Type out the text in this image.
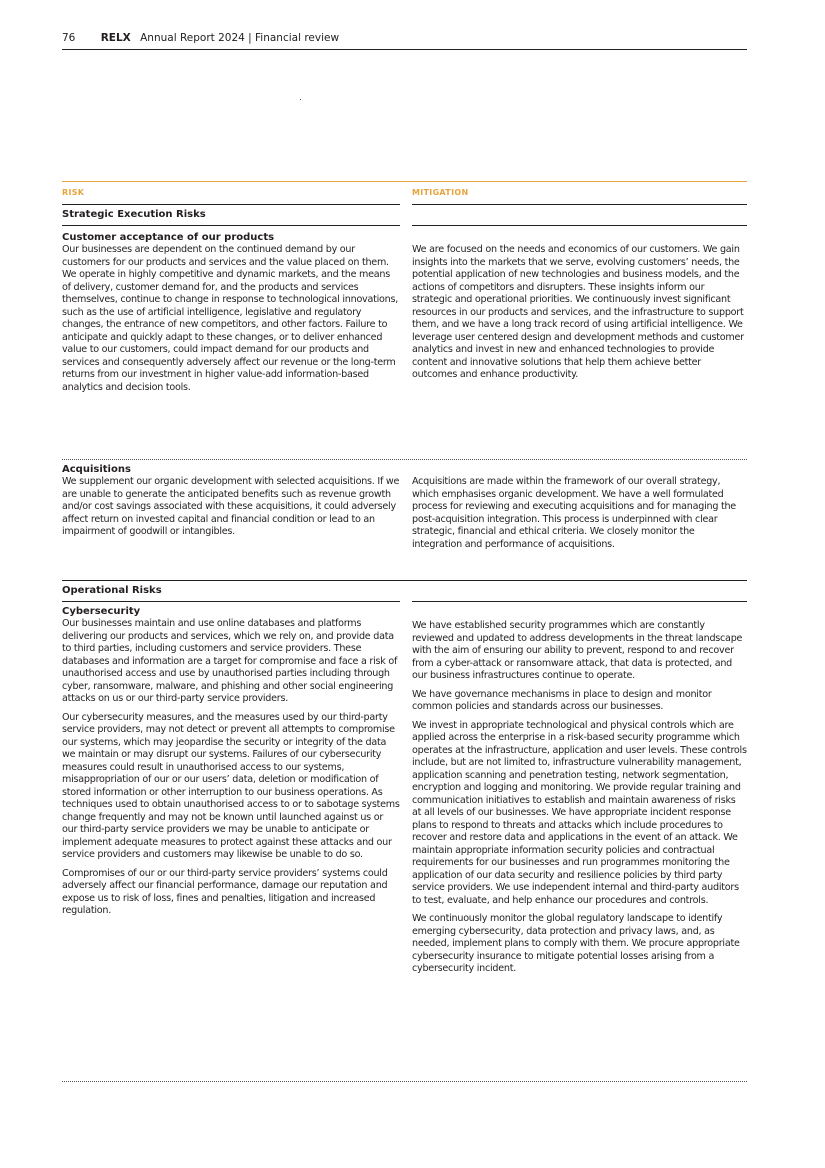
76 RELX Annual Report 2024 | Financial review
RISK	MITIGATION
Strategic Execution Risks
Customer acceptance of our products

Our businesses are dependent on the continued demand by our customers for our products and services and the value placed on them. We operate in highly competitive and dynamic markets, and the means of delivery, customer demand for, and the products and services themselves, continue to change in response to technological innovations, such as the use of artificial intelligence, legislative and regulatory changes, the entrance of new competitors, and other factors. Failure to anticipate and quickly adapt to these changes, or to deliver enhanced value to our customers, could impact demand for our products and services and consequently adversely affect our revenue or the long-term returns from our investment in higher value-add information-based analytics and decision tools.

We are focused on the needs and economics of our customers. We gain insights into the markets that we serve, evolving customers’ needs, the potential application of new technologies and business models, and the actions of competitors and disrupters. These insights inform our strategic and operational priorities. We continuously invest significant resources in our products and services, and the infrastructure to support them, and we have a long track record of using artificial intelligence. We leverage user centered design and development methods and customer analytics and invest in new and enhanced technologies to provide content and innovative solutions that help them achieve better outcomes and enhance productivity.

Acquisitions

We supplement our organic development with selected acquisitions. If we are unable to generate the anticipated benefits such as revenue growth and/or cost savings associated with these acquisitions, it could adversely affect return on invested capital and financial condition or lead to an impairment of goodwill or intangibles.

Acquisitions are made within the framework of our overall strategy, which emphasises organic development. We have a well formulated process for reviewing and executing acquisitions and for managing the post-acquisition integration. This process is underpinned with clear strategic, financial and ethical criteria. We closely monitor the integration and performance of acquisitions.

Operational Risks
Cybersecurity

Our businesses maintain and use online databases and platforms delivering our products and services, which we rely on, and provide data to third parties, including customers and service providers. These databases and information are a target for compromise and face a risk of unauthorised access and use by unauthorised parties including through cyber, ransomware, malware, and phishing and other social engineering attacks on us or our third-party service providers.

Our cybersecurity measures, and the measures used by our third-party service providers, may not detect or prevent all attempts to compromise our systems, which may jeopardise the security or integrity of the data we maintain or may disrupt our systems. Failures of our cybersecurity measures could result in unauthorised access to our systems, misappropriation of our or our users’ data, deletion or modification of stored information or other interruption to our business operations. As techniques used to obtain unauthorised access to or to sabotage systems change frequently and may not be known until launched against us or our third-party service providers we may be unable to anticipate or implement adequate measures to protect against these attacks and our service providers and customers may likewise be unable to do so.

Compromises of our or our third-party service providers’ systems could adversely affect our financial performance, damage our reputation and expose us to risk of loss, fines and penalties, litigation and increased regulation.

We have established security programmes which are constantly reviewed and updated to address developments in the threat landscape with the aim of ensuring our ability to prevent, respond to and recover from a cyber-attack or ransomware attack, that data is protected, and our business infrastructures continue to operate.

We have governance mechanisms in place to design and monitor common policies and standards across our businesses.

We invest in appropriate technological and physical controls which are applied across the enterprise in a risk-based security programme which operates at the infrastructure, application and user levels. These controls include, but are not limited to, infrastructure vulnerability management, application scanning and penetration testing, network segmentation, encryption and logging and monitoring. We provide regular training and communication initiatives to establish and maintain awareness of risks at all levels of our businesses. We have appropriate incident response plans to respond to threats and attacks which include procedures to recover and restore data and applications in the event of an attack. We maintain appropriate information security policies and contractual requirements for our businesses and run programmes monitoring the application of our data security and resilience policies by third party service providers. We use independent internal and third-party auditors to test, evaluate, and help enhance our procedures and controls.

We continuously monitor the global regulatory landscape to identify emerging cybersecurity, data protection and privacy laws, and, as needed, implement plans to comply with them. We procure appropriate cybersecurity insurance to mitigate potential losses arising from a cybersecurity incident.
